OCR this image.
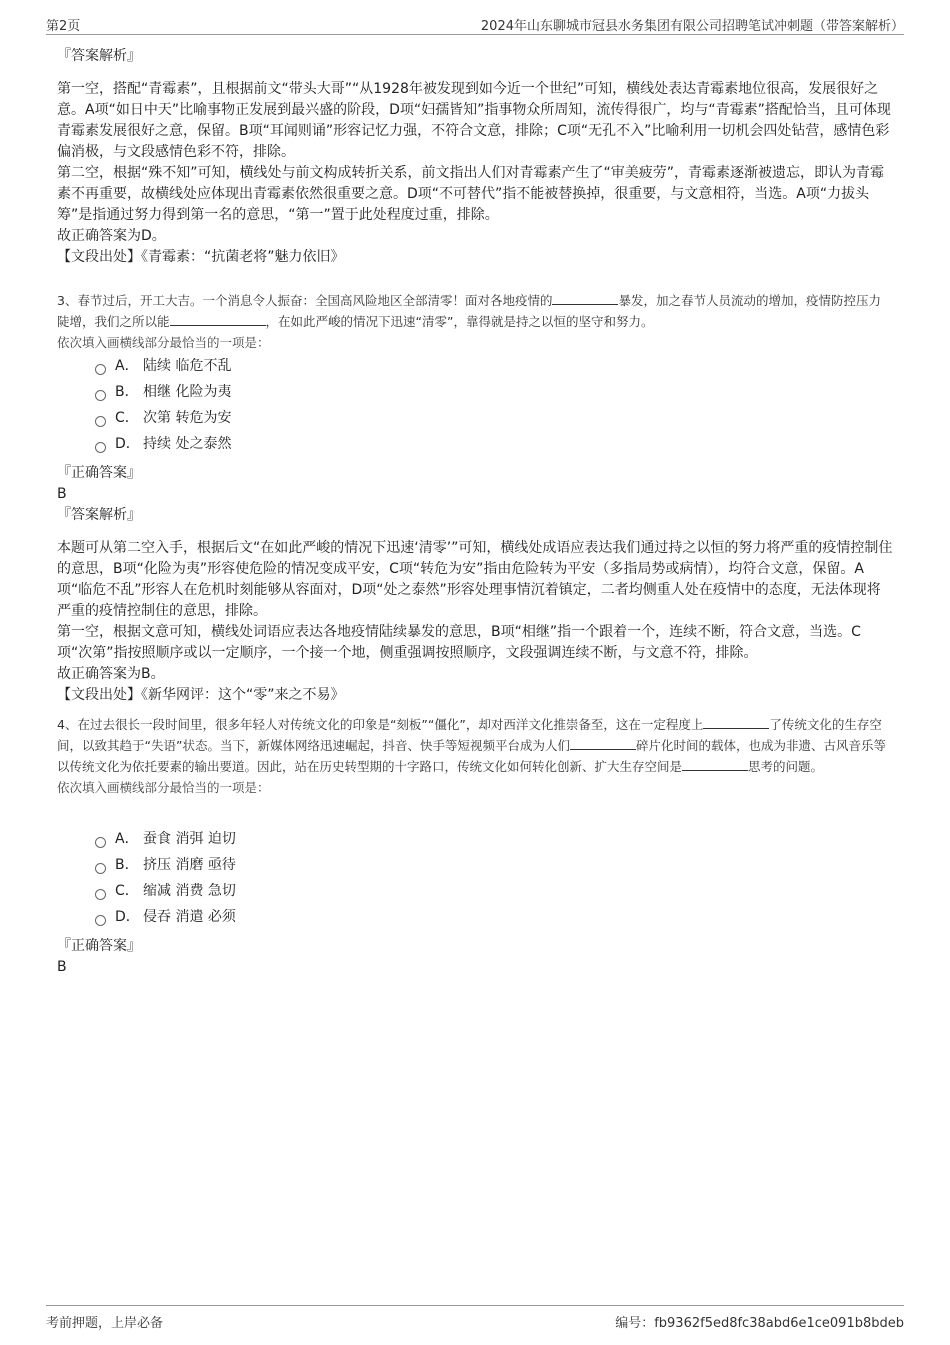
第2页	2024年山东聊城市冠县水务集团有限公司招聘笔试冲刺题（带答案解析）

『答案解析』

第一空，搭配“青霉素”，且根据前文“带头大哥”“从1928年被发现到如今近一个世纪”可知，横线处表达青霉素地位很高，发展很好之意。A项“如日中天”比喻事物正发展到最兴盛的阶段，D项“妇孺皆知”指事物众所周知，流传得很广，均与“青霉素”搭配恰当，且可体现青霉素发展很好之意，保留。B项“耳闻则诵”形容记忆力强，不符合文意，排除；C项“无孔不入”比喻利用一切机会四处钻营，感情色彩偏消极，与文段感情色彩不符，排除。

第二空，根据“殊不知”可知，横线处与前文构成转折关系，前文指出人们对青霉素产生了“审美疲劳”，青霉素逐渐被遗忘，即认为青霉素不再重要，故横线处应体现出青霉素依然很重要之意。D项“不可替代”指不能被替换掉，很重要，与文意相符，当选。A项“力拔头筹”是指通过努力得到第一名的意思，“第一”置于此处程度过重，排除。

故正确答案为D。

【文段出处】《青霉素：“抗菌老将”魅力依旧》

3、春节过后，开工大吉。一个消息令人振奋：全国高风险地区全部清零！面对各地疫情的	暴发，加之春节人员流动的增加，疫情防控压力陡增，我们之所以能	，在如此严峻的情况下迅速“清零”，靠得就是持之以恒的坚守和努力。

依次填入画横线部分最恰当的一项是：

A． 陆续 临危不乱
B． 相继 化险为夷
C． 次第 转危为安
D． 持续 处之泰然

『正确答案』

B

『答案解析』

本题可从第二空入手，根据后文“在如此严峻的情况下迅速‘清零’”可知，横线处成语应表达我们通过持之以恒的努力将严重的疫情控制住的意思，B项“化险为夷”形容使危险的情况变成平安，C项“转危为安”指由危险转为平安（多指局势或病情），均符合文意，保留。A项“临危不乱”形容人在危机时刻能够从容面对，D项“处之泰然”形容处理事情沉着镇定，二者均侧重人处在疫情中的态度，无法体现将严重的疫情控制住的意思，排除。

第一空，根据文意可知，横线处词语应表达各地疫情陆续暴发的意思，B项“相继”指一个跟着一个，连续不断，符合文意，当选。C项“次第”指按照顺序或以一定顺序，一个接一个地，侧重强调按照顺序，文段强调连续不断，与文意不符，排除。

故正确答案为B。

【文段出处】《新华网评：这个“零”来之不易》

4、在过去很长一段时间里，很多年轻人对传统文化的印象是“刻板”“僵化”，却对西洋文化推崇备至，这在一定程度上	了传统文化的生存空间，以致其趋于“失语”状态。当下，新媒体网络迅速崛起，抖音、快手等短视频平台成为人们	碎片化时间的载体，也成为非遗、古风音乐等以传统文化为依托要素的输出要道。因此，站在历史转型期的十字路口，传统文化如何转化创新、扩大生存空间是	思考的问题。

依次填入画横线部分最恰当的一项是：

A． 蚕食 消弭 迫切
B． 挤压 消磨 亟待
C． 缩减 消费 急切
D． 侵吞 消遣 必须

『正确答案』

B

考前押题，上岸必备	编号：fb9362f5ed8fc38abd6e1ce091b8bdeb
